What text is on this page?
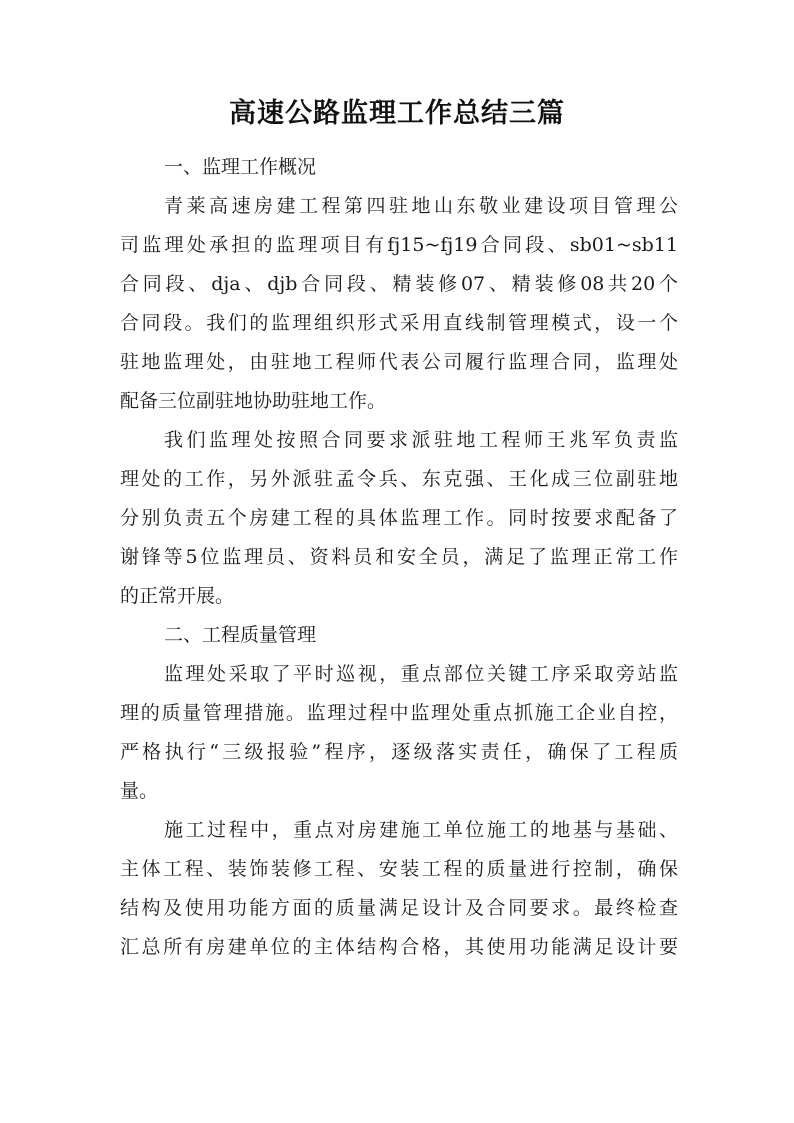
高速公路监理工作总结三篇
一、监理工作概况
青莱高速房建工程第四驻地山东敬业建设项目管理公
司监理处承担的监理项目有fj15~fj19合同段、sb01~sb11
合同段、dja、djb合同段、精装修07、精装修08共20个
合同段。我们的监理组织形式采用直线制管理模式，设一个
驻地监理处，由驻地工程师代表公司履行监理合同，监理处
配备三位副驻地协助驻地工作。
我们监理处按照合同要求派驻地工程师王兆军负责监
理处的工作，另外派驻孟令兵、东克强、王化成三位副驻地
分别负责五个房建工程的具体监理工作。同时按要求配备了
谢锋等5位监理员、资料员和安全员，满足了监理正常工作
的正常开展。
二、工程质量管理
监理处采取了平时巡视，重点部位关键工序采取旁站监
理的质量管理措施。监理过程中监理处重点抓施工企业自控，
严格执行“三级报验”程序，逐级落实责任，确保了工程质
量。
施工过程中，重点对房建施工单位施工的地基与基础、
主体工程、装饰装修工程、安装工程的质量进行控制，确保
结构及使用功能方面的质量满足设计及合同要求。最终检查
汇总所有房建单位的主体结构合格，其使用功能满足设计要
